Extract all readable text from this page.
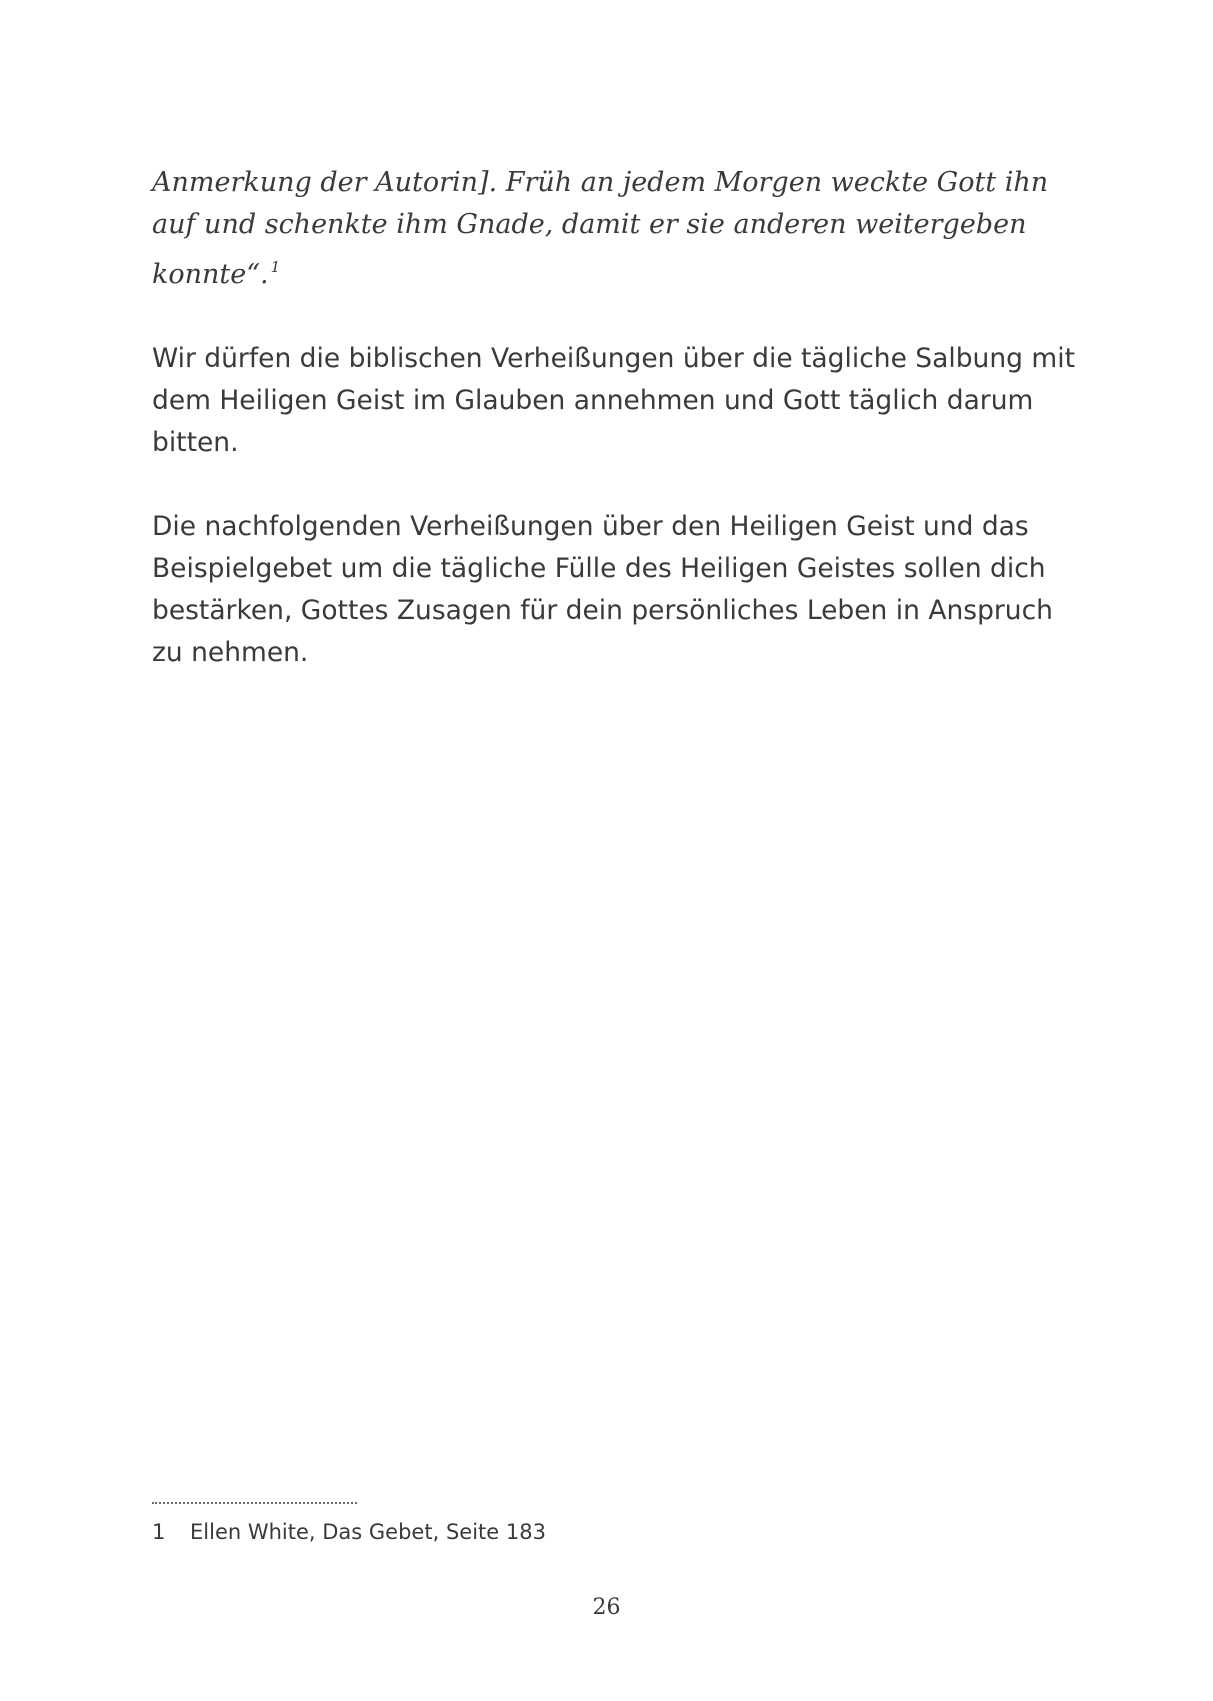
Anmerkung der Autorin]. Früh an jedem Morgen weckte Gott ihn auf und schenkte ihm Gnade, damit er sie anderen weitergeben konnte“. $^1$

Wir dürfen die biblischen Verheißungen über die tägliche Salbung mit dem Heiligen Geist im Glauben annehmen und Gott täglich darum bitten.

Die nachfolgenden Verheißungen über den Heiligen Geist und das Beispielgebet um die tägliche Fülle des Heiligen Geistes sollen dich bestärken, Gottes Zusagen für dein persönliches Leben in Anspruch zu nehmen.

1 Ellen White, Das Gebet, Seite 183
26
